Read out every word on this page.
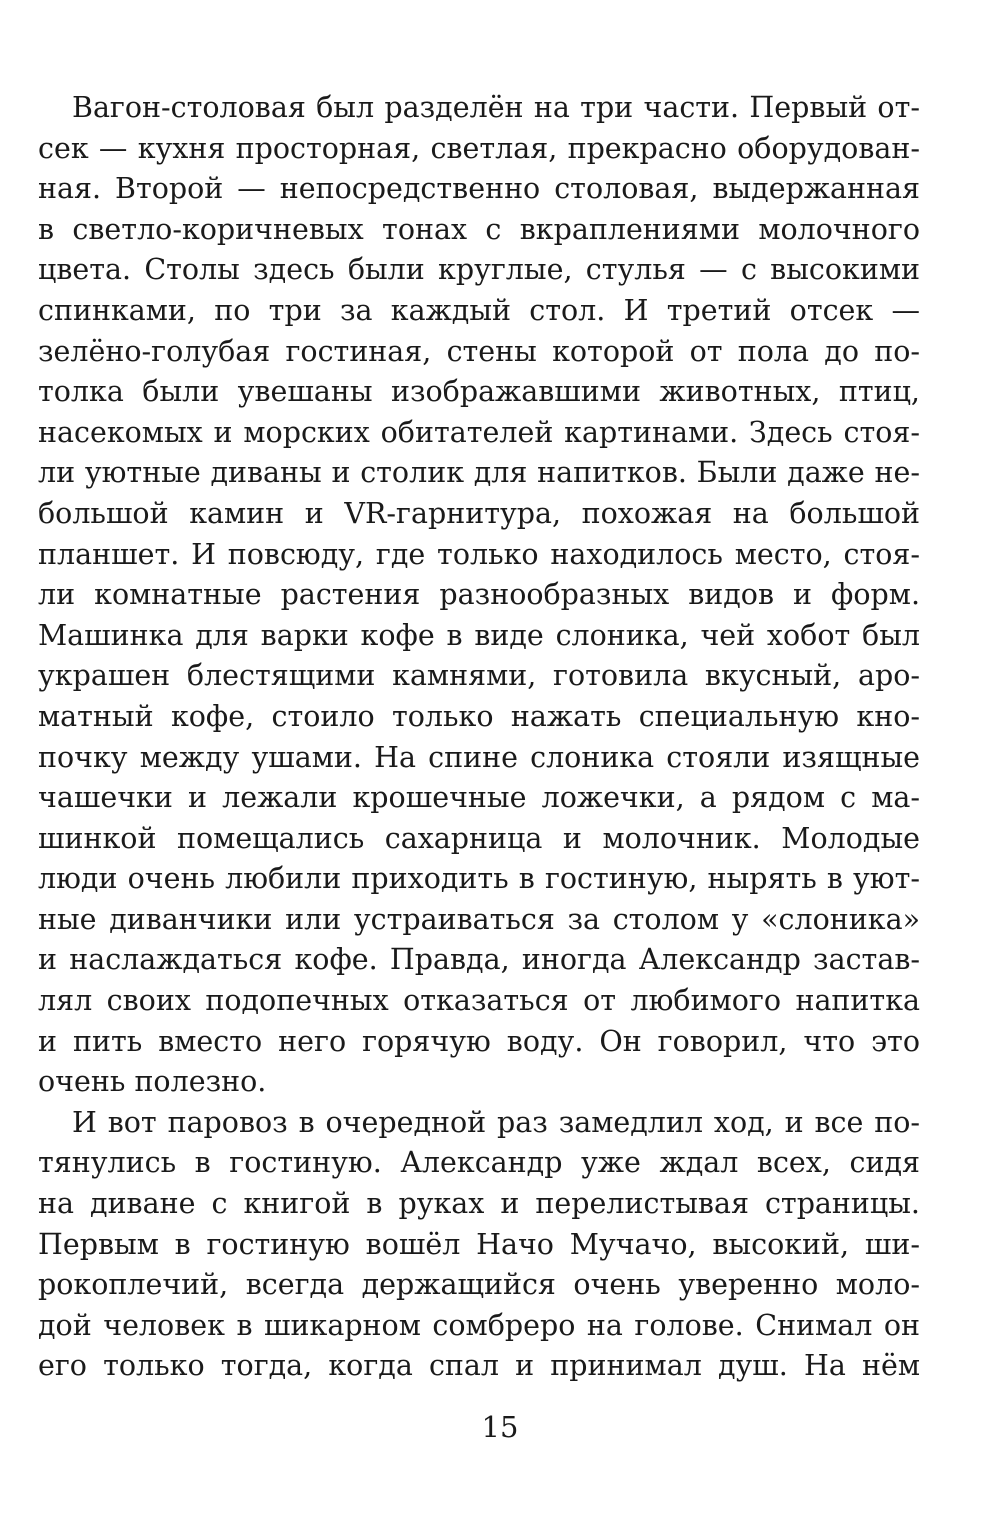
Вагон-столовая был разделён на три части. Первый от-
сек — кухня просторная, светлая, прекрасно оборудован-
ная. Второй — непосредственно столовая, выдержанная
в светло-коричневых тонах с вкраплениями молочного
цвета. Столы здесь были круглые, стулья — с высокими
спинками, по три за каждый стол. И третий отсек —
зелёно-голубая гостиная, стены которой от пола до по-
толка были увешаны изображавшими животных, птиц,
насекомых и морских обитателей картинами. Здесь стоя-
ли уютные диваны и столик для напитков. Были даже не-
большой камин и VR-гарнитура, похожая на большой
планшет. И повсюду, где только находилось место, стоя-
ли комнатные растения разнообразных видов и форм.
Машинка для варки кофе в виде слоника, чей хобот был
украшен блестящими камнями, готовила вкусный, аро-
матный кофе, стоило только нажать специальную кно-
почку между ушами. На спине слоника стояли изящные
чашечки и лежали крошечные ложечки, а рядом с ма-
шинкой помещались сахарница и молочник. Молодые
люди очень любили приходить в гостиную, нырять в уют-
ные диванчики или устраиваться за столом у «слоника»
и наслаждаться кофе. Правда, иногда Александр застав-
лял своих подопечных отказаться от любимого напитка
и пить вместо него горячую воду. Он говорил, что это
очень полезно.
И вот паровоз в очередной раз замедлил ход, и все по-
тянулись в гостиную. Александр уже ждал всех, сидя
на диване с книгой в руках и перелистывая страницы.
Первым в гостиную вошёл Начо Мучачо, высокий, ши-
рокоплечий, всегда держащийся очень уверенно моло-
дой человек в шикарном сомбреро на голове. Снимал он
его только тогда, когда спал и принимал душ. На нём
15
